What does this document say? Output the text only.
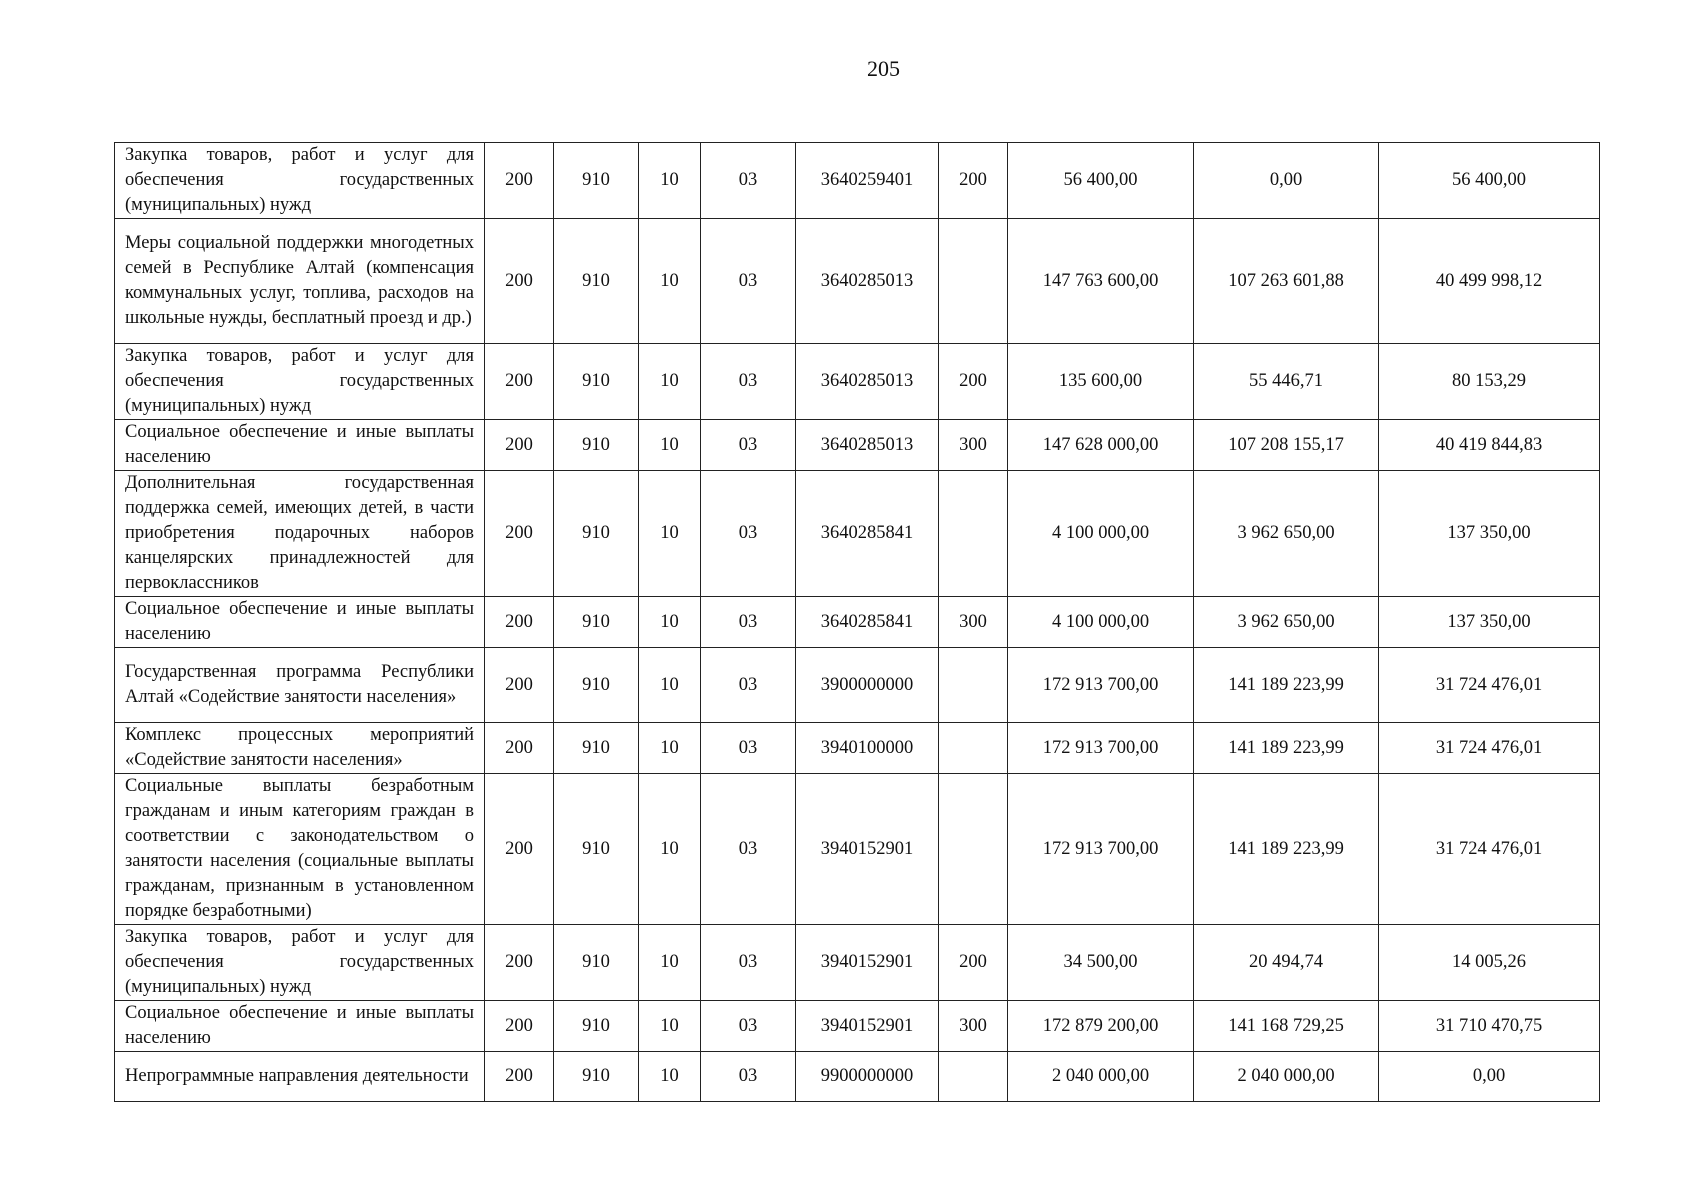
205
Закупка товаров, работ и услуг для обеспечения государственных (муниципальных) нужд	200	910	10	03	3640259401	200	56 400,00	0,00	56 400,00
Меры социальной поддержки многодетных семей в Республике Алтай (компенсация коммунальных услуг, топлива, расходов на школьные нужды, бесплатный проезд и др.)	200	910	10	03	3640285013		147 763 600,00	107 263 601,88	40 499 998,12
Закупка товаров, работ и услуг для обеспечения государственных (муниципальных) нужд	200	910	10	03	3640285013	200	135 600,00	55 446,71	80 153,29
Социальное обеспечение и иные выплаты населению	200	910	10	03	3640285013	300	147 628 000,00	107 208 155,17	40 419 844,83
Дополнительная государственная поддержка семей, имеющих детей, в части приобретения подарочных наборов канцелярских принадлежностей для первоклассников	200	910	10	03	3640285841		4 100 000,00	3 962 650,00	137 350,00
Социальное обеспечение и иные выплаты населению	200	910	10	03	3640285841	300	4 100 000,00	3 962 650,00	137 350,00
Государственная программа Республики Алтай «Содействие занятости населения»	200	910	10	03	3900000000		172 913 700,00	141 189 223,99	31 724 476,01
Комплекс процессных мероприятий «Содействие занятости населения»	200	910	10	03	3940100000		172 913 700,00	141 189 223,99	31 724 476,01
Социальные выплаты безработным гражданам и иным категориям граждан в соответствии с законодательством о занятости населения (социальные выплаты гражданам, признанным в установленном порядке безработными)	200	910	10	03	3940152901		172 913 700,00	141 189 223,99	31 724 476,01
Закупка товаров, работ и услуг для обеспечения государственных (муниципальных) нужд	200	910	10	03	3940152901	200	34 500,00	20 494,74	14 005,26
Социальное обеспечение и иные выплаты населению	200	910	10	03	3940152901	300	172 879 200,00	141 168 729,25	31 710 470,75
Непрограммные направления деятельности	200	910	10	03	9900000000		2 040 000,00	2 040 000,00	0,00
